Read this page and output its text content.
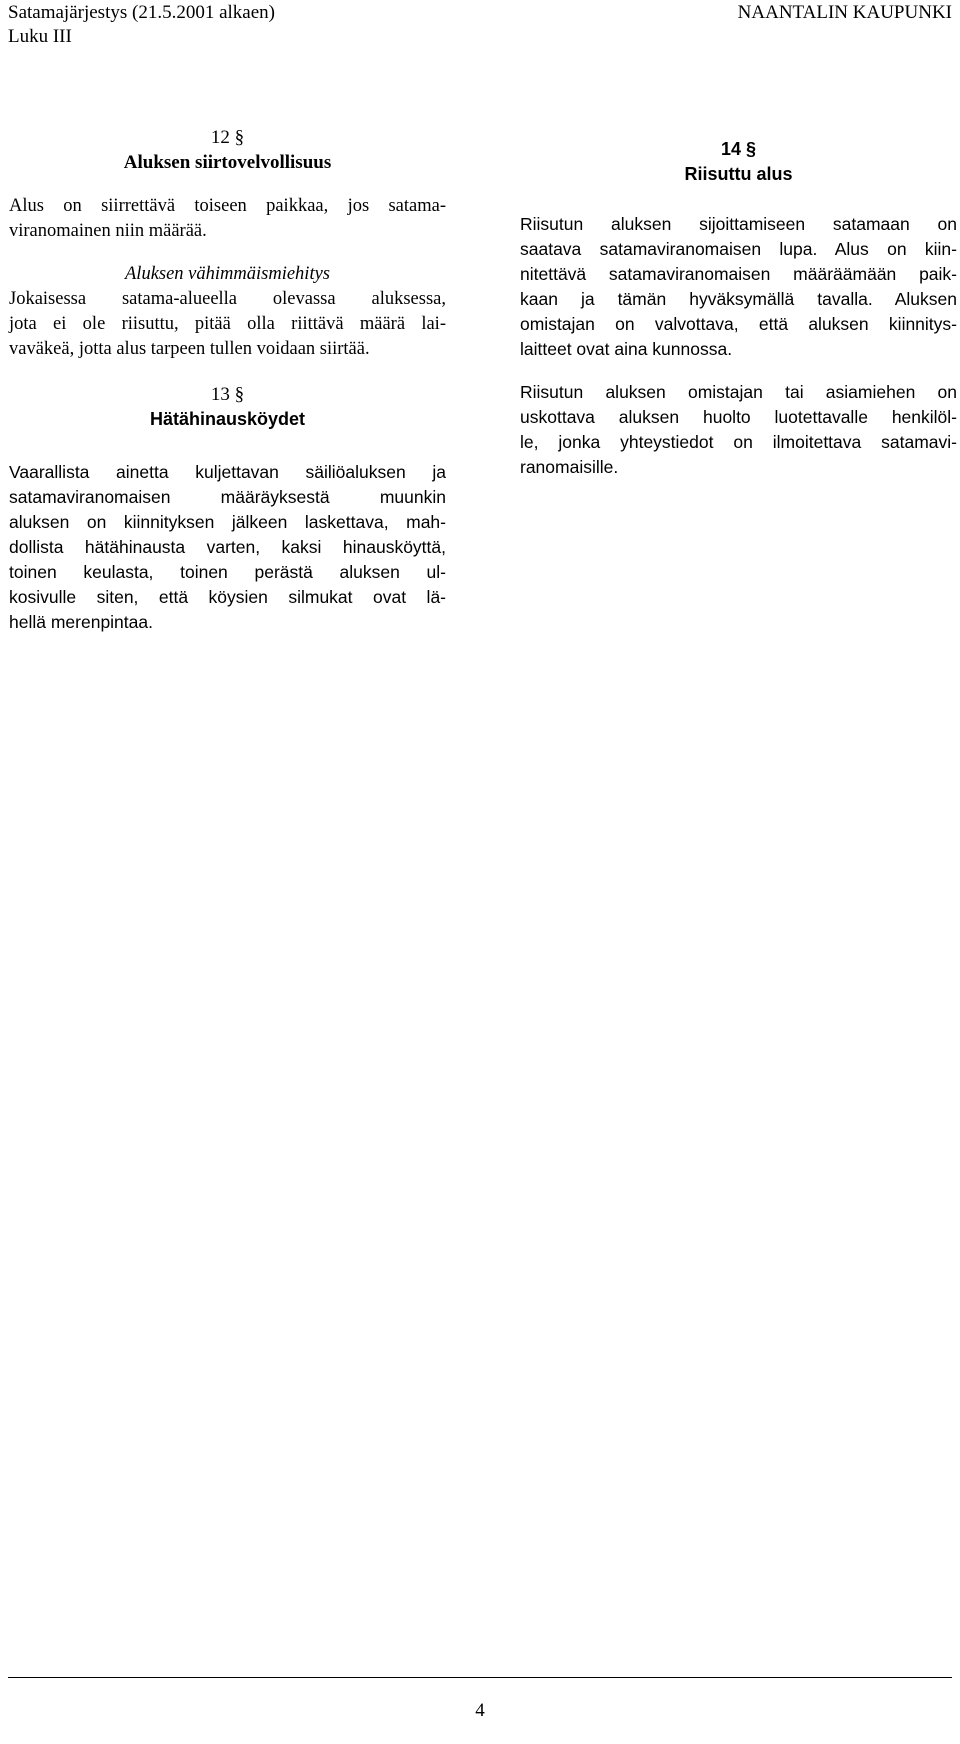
Satamajärjestys (21.5.2001 alkaen)
Luku III
NAANTALIN KAUPUNKI
12 §
Aluksen siirtovelvollisuus
Alus on siirrettävä toiseen paikkaa, jos satama-
viranomainen niin määrää.
Aluksen vähimmäismiehitys
Jokaisessa satama-alueella olevassa aluksessa,
jota ei ole riisuttu, pitää olla riittävä määrä lai-
vaväkeä, jotta alus tarpeen tullen voidaan siirtää.
13 §
Hätähinausköydet
Vaarallista ainetta kuljettavan säiliöaluksen ja
satamaviranomaisen määräyksestä muunkin
aluksen on kiinnityksen jälkeen laskettava, mah-
dollista hätähinausta varten, kaksi hinausköyttä,
toinen keulasta, toinen perästä aluksen ul-
kosivulle siten, että köysien silmukat ovat lä-
hellä merenpintaa.
14 §
Riisuttu alus
Riisutun aluksen sijoittamiseen satamaan on
saatava satamaviranomaisen lupa. Alus on kiin-
nitettävä satamaviranomaisen määräämään paik-
kaan ja tämän hyväksymällä tavalla. Aluksen
omistajan on valvottava, että aluksen kiinnitys-
laitteet ovat aina kunnossa.
Riisutun aluksen omistajan tai asiamiehen on
uskottava aluksen huolto luotettavalle henkilöl-
le, jonka yhteystiedot on ilmoitettava satamavi-
ranomaisille.
4
